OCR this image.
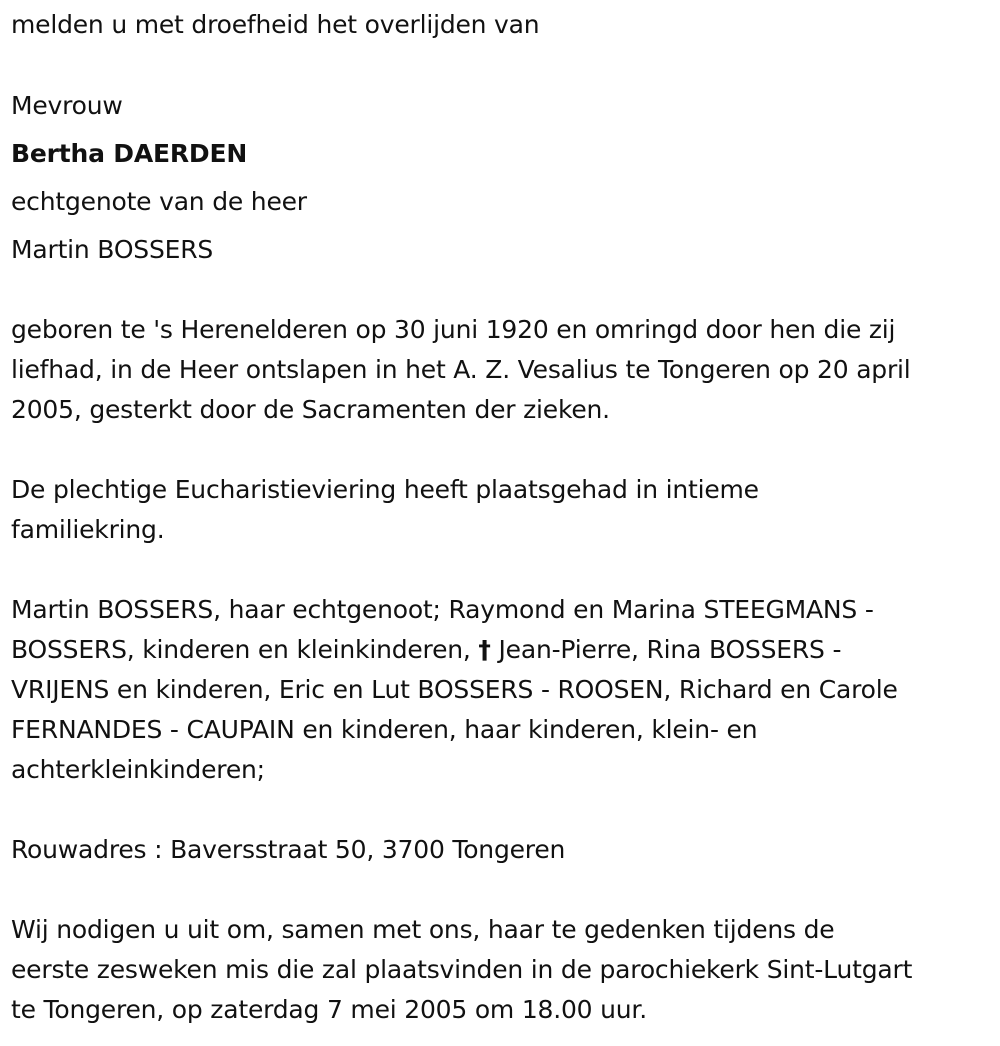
melden u met droefheid het overlijden van
Mevrouw
Bertha DAERDEN
echtgenote van de heer
Martin BOSSERS
geboren te 's Herenelderen op 30 juni 1920 en omringd door hen die zij
liefhad, in de Heer ontslapen in het A. Z. Vesalius te Tongeren op 20 april
2005, gesterkt door de Sacramenten der zieken.
De plechtige Eucharistieviering heeft plaatsgehad in intieme
familiekring.
Martin BOSSERS, haar echtgenoot; Raymond en Marina STEEGMANS -
BOSSERS, kinderen en kleinkinderen, † Jean-Pierre, Rina BOSSERS -
VRIJENS en kinderen, Eric en Lut BOSSERS - ROOSEN, Richard en Carole
FERNANDES - CAUPAIN en kinderen, haar kinderen, klein- en
achterkleinkinderen;
Rouwadres : Baversstraat 50, 3700 Tongeren
Wij nodigen u uit om, samen met ons, haar te gedenken tijdens de
eerste zesweken mis die zal plaatsvinden in de parochiekerk Sint-Lutgart
te Tongeren, op zaterdag 7 mei 2005 om 18.00 uur.
